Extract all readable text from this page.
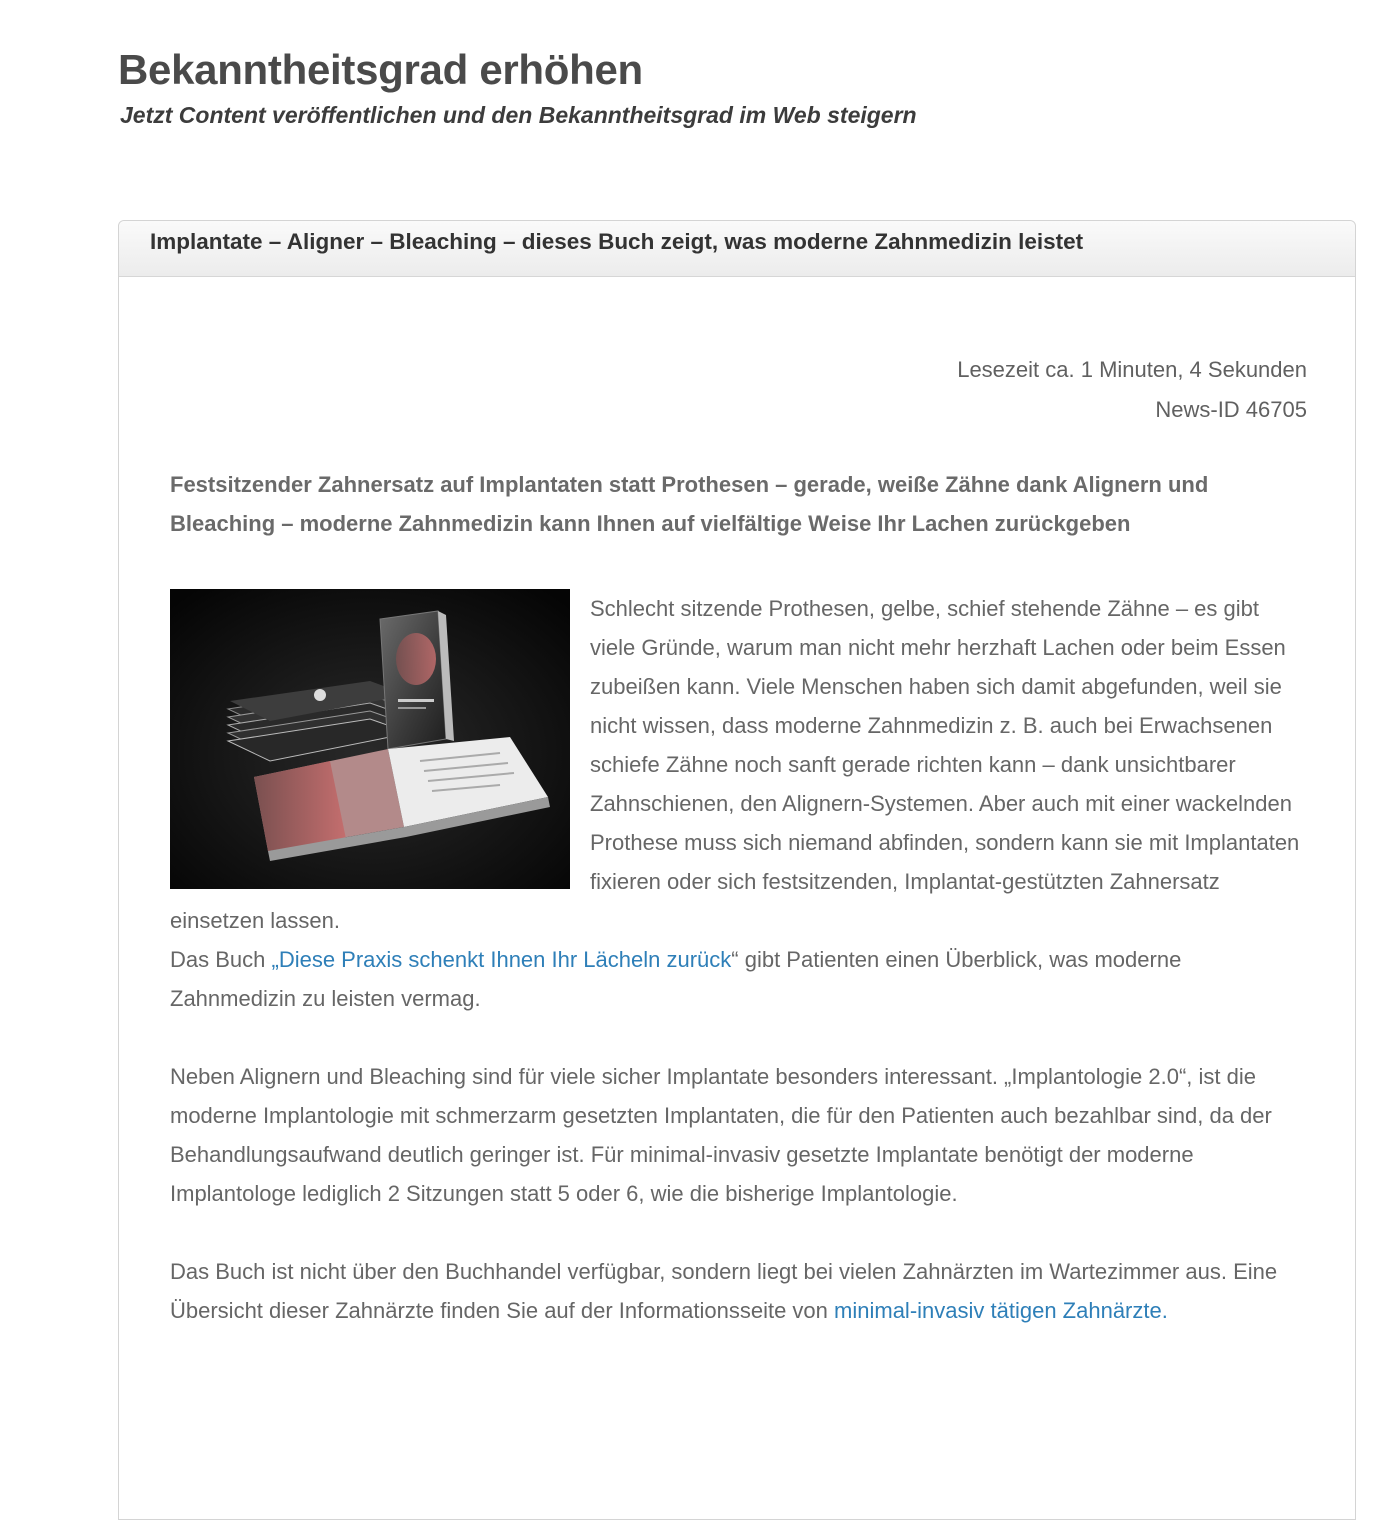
Bekanntheitsgrad erhöhen
Jetzt Content veröffentlichen und den Bekanntheitsgrad im Web steigern
Implantate – Aligner – Bleaching – dieses Buch zeigt, was moderne Zahnmedizin leistet
Lesezeit ca. 1 Minuten, 4 Sekunden
News-ID 46705

Festsitzender Zahnersatz auf Implantaten statt Prothesen – gerade, weiße Zähne dank Alignern und Bleaching – moderne Zahnmedizin kann Ihnen auf vielfältige Weise Ihr Lachen zurückgeben

Schlecht sitzende Prothesen, gelbe, schief stehende Zähne – es gibt viele Gründe, warum man nicht mehr herzhaft Lachen oder beim Essen zubeißen kann. Viele Menschen haben sich damit abgefunden, weil sie nicht wissen, dass moderne Zahnmedizin z. B. auch bei Erwachsenen schiefe Zähne noch sanft gerade richten kann – dank unsichtbarer Zahnschienen, den Alignern-Systemen. Aber auch mit einer wackelnden Prothese muss sich niemand abfinden, sondern kann sie mit Implantaten fixieren oder sich festsitzenden, Implantat-gestützten Zahnersatz einsetzen lassen.

Das Buch „Diese Praxis schenkt Ihnen Ihr Lächeln zurück“ gibt Patienten einen Überblick, was moderne Zahnmedizin zu leisten vermag.

Neben Alignern und Bleaching sind für viele sicher Implantate besonders interessant. „Implantologie 2.0“, ist die moderne Implantologie mit schmerzarm gesetzten Implantaten, die für den Patienten auch bezahlbar sind, da der Behandlungsaufwand deutlich geringer ist. Für minimal-invasiv gesetzte Implantate benötigt der moderne Implantologe lediglich 2 Sitzungen statt 5 oder 6, wie die bisherige Implantologie.

Das Buch ist nicht über den Buchhandel verfügbar, sondern liegt bei vielen Zahnärzten im Wartezimmer aus. Eine Übersicht dieser Zahnärzte finden Sie auf der Informationsseite von minimal-invasiv tätigen Zahnärzte.
